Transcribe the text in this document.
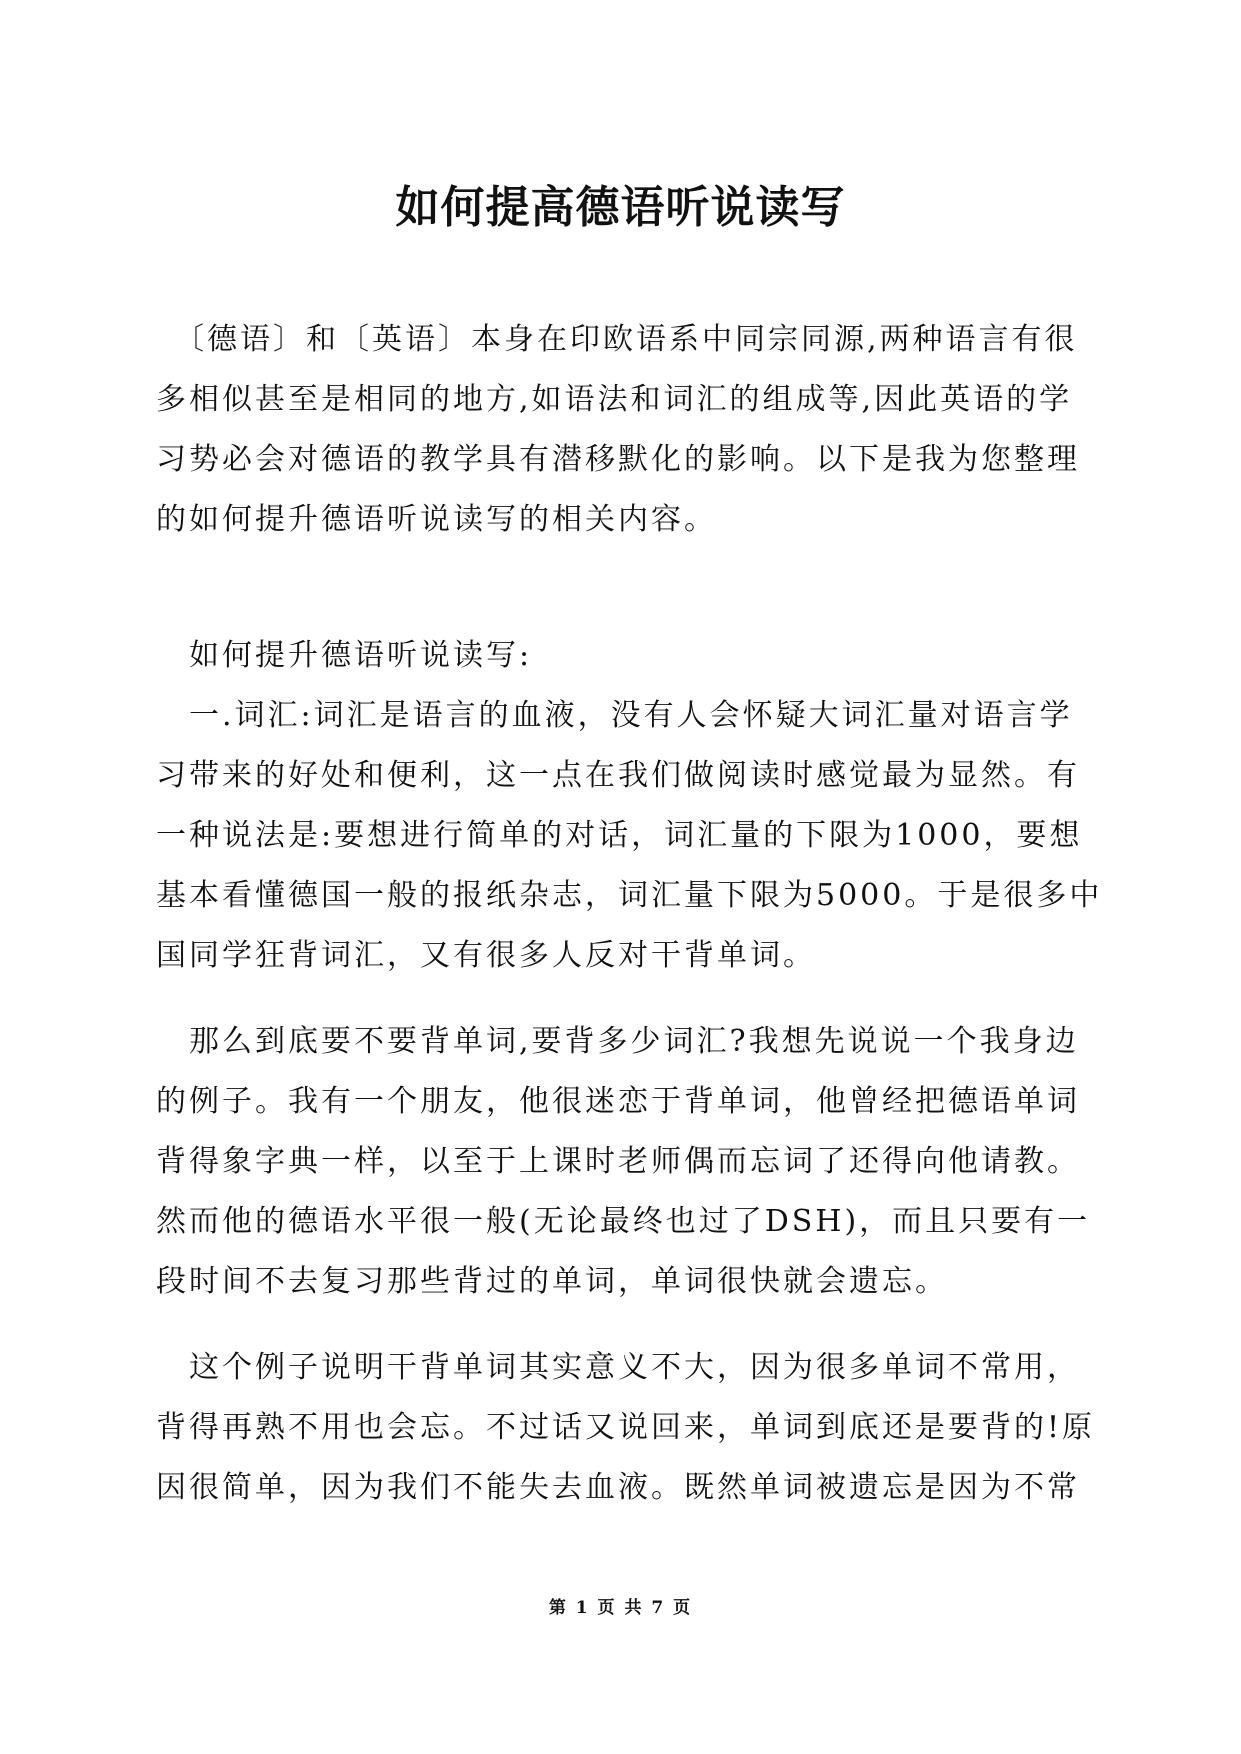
如何提高德语听说读写

　〔德语〕和〔英语〕本身在印欧语系中同宗同源,两种语言有很

多相似甚至是相同的地方,如语法和词汇的组成等,因此英语的学

习势必会对德语的教学具有潜移默化的影响。以下是我为您整理

的如何提升德语听说读写的相关内容。

　如何提升德语听说读写:

　一.词汇:词汇是语言的血液，没有人会怀疑大词汇量对语言学

习带来的好处和便利，这一点在我们做阅读时感觉最为显然。有

一种说法是:要想进行简单的对话，词汇量的下限为1000，要想

基本看懂德国一般的报纸杂志，词汇量下限为5000。于是很多中

国同学狂背词汇，又有很多人反对干背单词。

　那么到底要不要背单词,要背多少词汇?我想先说说一个我身边

的例子。我有一个朋友，他很迷恋于背单词，他曾经把德语单词

背得象字典一样，以至于上课时老师偶而忘词了还得向他请教。

然而他的德语水平很一般(无论最终也过了DSH)，而且只要有一

段时间不去复习那些背过的单词，单词很快就会遗忘。

　这个例子说明干背单词其实意义不大，因为很多单词不常用，

背得再熟不用也会忘。不过话又说回来，单词到底还是要背的!原

因很简单，因为我们不能失去血液。既然单词被遗忘是因为不常

第 1 页 共 7 页
